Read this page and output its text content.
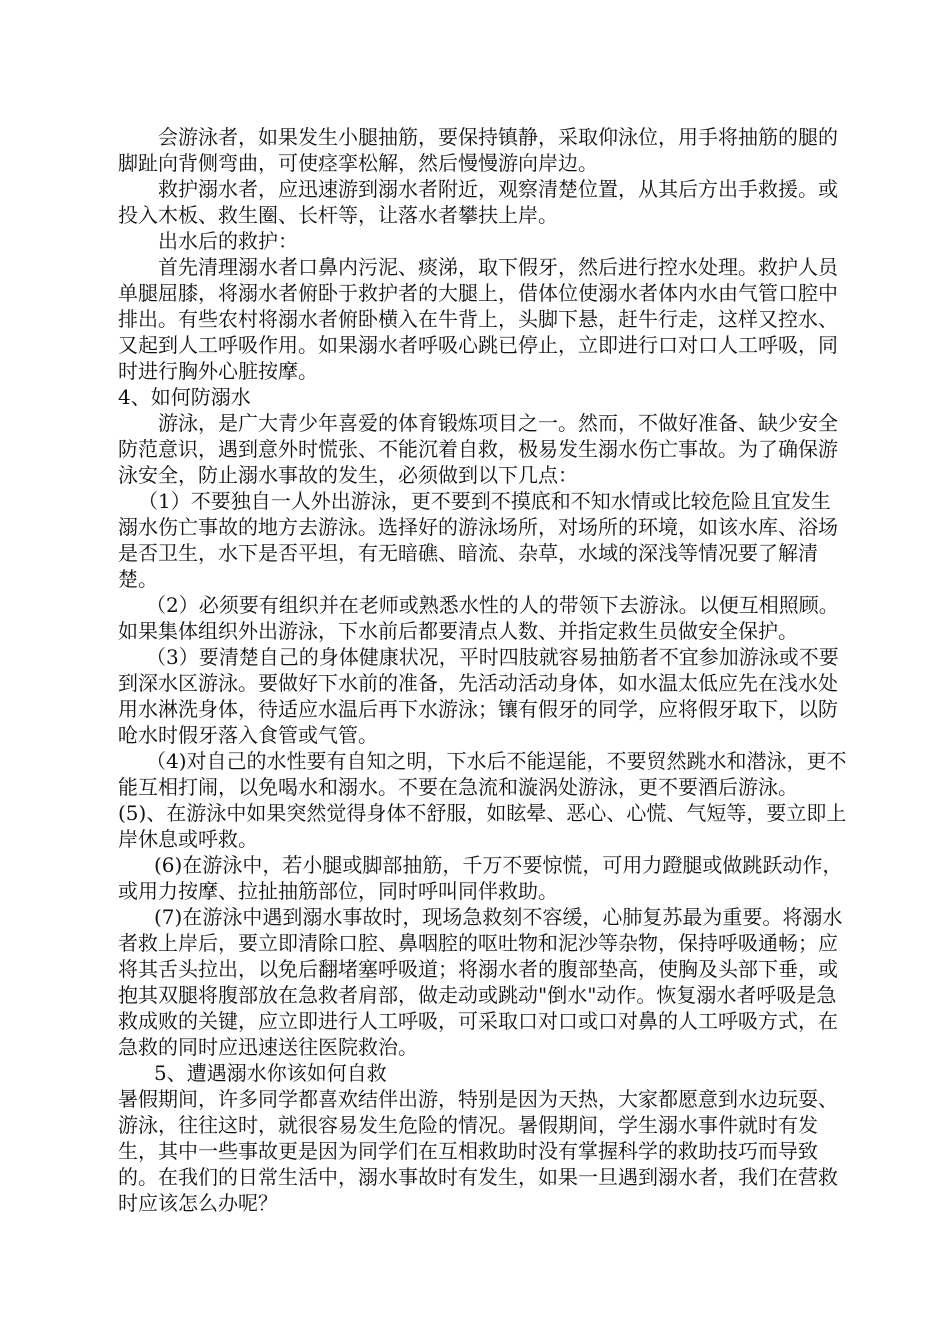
会游泳者，如果发生小腿抽筋，要保持镇静，采取仰泳位，用手将抽筋的腿的脚趾向背侧弯曲，可使痉挛松解，然后慢慢游向岸边。

救护溺水者，应迅速游到溺水者附近，观察清楚位置，从其后方出手救援。或投入木板、救生圈、长杆等，让落水者攀扶上岸。

出水后的救护：

首先清理溺水者口鼻内污泥、痰涕，取下假牙，然后进行控水处理。救护人员单腿屈膝，将溺水者俯卧于救护者的大腿上，借体位使溺水者体内水由气管口腔中排出。有些农村将溺水者俯卧横入在牛背上，头脚下悬，赶牛行走，这样又控水、又起到人工呼吸作用。如果溺水者呼吸心跳已停止，立即进行口对口人工呼吸，同时进行胸外心脏按摩。

4、如何防溺水

游泳，是广大青少年喜爱的体育锻炼项目之一。然而，不做好准备、缺少安全防范意识，遇到意外时慌张、不能沉着自救，极易发生溺水伤亡事故。为了确保游泳安全，防止溺水事故的发生，必须做到以下几点：

（1）不要独自一人外出游泳，更不要到不摸底和不知水情或比较危险且宜发生溺水伤亡事故的地方去游泳。选择好的游泳场所，对场所的环境，如该水库、浴场是否卫生，水下是否平坦，有无暗礁、暗流、杂草，水域的深浅等情况要了解清楚。

（2）必须要有组织并在老师或熟悉水性的人的带领下去游泳。以便互相照顾。如果集体组织外出游泳，下水前后都要清点人数、并指定救生员做安全保护。

（3）要清楚自己的身体健康状况，平时四肢就容易抽筋者不宜参加游泳或不要到深水区游泳。要做好下水前的准备，先活动活动身体，如水温太低应先在浅水处用水淋洗身体，待适应水温后再下水游泳；镶有假牙的同学，应将假牙取下，以防呛水时假牙落入食管或气管。

（4)对自己的水性要有自知之明，下水后不能逞能，不要贸然跳水和潜泳，更不能互相打闹，以免喝水和溺水。不要在急流和漩涡处游泳，更不要酒后游泳。　　(5)、在游泳中如果突然觉得身体不舒服，如眩晕、恶心、心慌、气短等，要立即上岸休息或呼救。

(6)在游泳中，若小腿或脚部抽筋，千万不要惊慌，可用力蹬腿或做跳跃动作，或用力按摩、拉扯抽筋部位，同时呼叫同伴救助。

(7)在游泳中遇到溺水事故时，现场急救刻不容缓，心肺复苏最为重要。将溺水者救上岸后，要立即清除口腔、鼻咽腔的呕吐物和泥沙等杂物，保持呼吸通畅；应将其舌头拉出，以免后翻堵塞呼吸道；将溺水者的腹部垫高，使胸及头部下垂，或抱其双腿将腹部放在急救者肩部，做走动或跳动"倒水"动作。恢复溺水者呼吸是急救成败的关键，应立即进行人工呼吸，可采取口对口或口对鼻的人工呼吸方式，在急救的同时应迅速送往医院救治。

5、遭遇溺水你该如何自救

暑假期间，许多同学都喜欢结伴出游，特别是因为天热，大家都愿意到水边玩耍、游泳，往往这时，就很容易发生危险的情况。暑假期间，学生溺水事件就时有发生，其中一些事故更是因为同学们在互相救助时没有掌握科学的救助技巧而导致的。在我们的日常生活中，溺水事故时有发生，如果一旦遇到溺水者，我们在营救时应该怎么办呢？
